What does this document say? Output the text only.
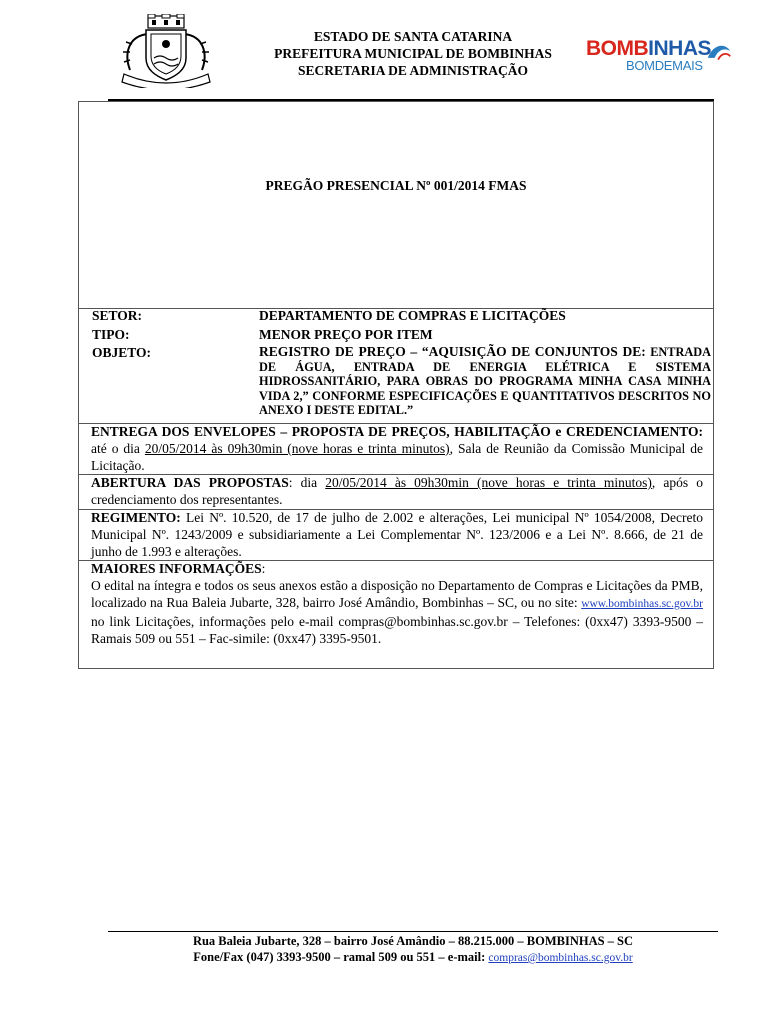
ESTADO DE SANTA CATARINA
PREFEITURA MUNICIPAL DE BOMBINHAS
SECRETARIA DE ADMINISTRAÇÃO
BOMBINHAS
BOMDEMAIS
PREGÃO PRESENCIAL Nº 001/2014 FMAS
SETOR:	DEPARTAMENTO DE COMPRAS E LICITAÇÕES
TIPO:	MENOR PREÇO POR ITEM
OBJETO:	REGISTRO DE PREÇO – “AQUISIÇÃO DE CONJUNTOS DE: ENTRADA DE ÁGUA, ENTRADA DE ENERGIA ELÉTRICA E SISTEMA HIDROSSANITÁRIO, PARA OBRAS DO PROGRAMA MINHA CASA MINHA VIDA 2,” CONFORME ESPECIFICAÇÕES E QUANTITATIVOS DESCRITOS NO ANEXO I DESTE EDITAL.”
ENTREGA DOS ENVELOPES – PROPOSTA DE PREÇOS, HABILITAÇÃO e CREDENCIAMENTO: até o dia 20/05/2014 às 09h30min (nove horas e trinta minutos), Sala de Reunião da Comissão Municipal de Licitação.
ABERTURA DAS PROPOSTAS: dia 20/05/2014 às 09h30min (nove horas e trinta minutos), após o credenciamento dos representantes.
REGIMENTO: Lei Nº. 10.520, de 17 de julho de 2.002 e alterações, Lei municipal Nº 1054/2008, Decreto Municipal Nº. 1243/2009 e subsidiariamente a Lei Complementar Nº. 123/2006 e a Lei Nº. 8.666, de 21 de junho de 1.993 e alterações.
MAIORES INFORMAÇÕES:
O edital na íntegra e todos os seus anexos estão a disposição no Departamento de Compras e Licitações da PMB, localizado na Rua Baleia Jubarte, 328, bairro José Amândio, Bombinhas – SC, ou no site: www.bombinhas.sc.gov.br no link Licitações, informações pelo e-mail compras@bombinhas.sc.gov.br – Telefones: (0xx47) 3393-9500 – Ramais 509 ou 551 – Fac-simile: (0xx47) 3395-9501.
Rua Baleia Jubarte, 328 – bairro José Amândio – 88.215.000 – BOMBINHAS – SC
Fone/Fax (047) 3393-9500 – ramal 509 ou 551 – e-mail: compras@bombinhas.sc.gov.br
